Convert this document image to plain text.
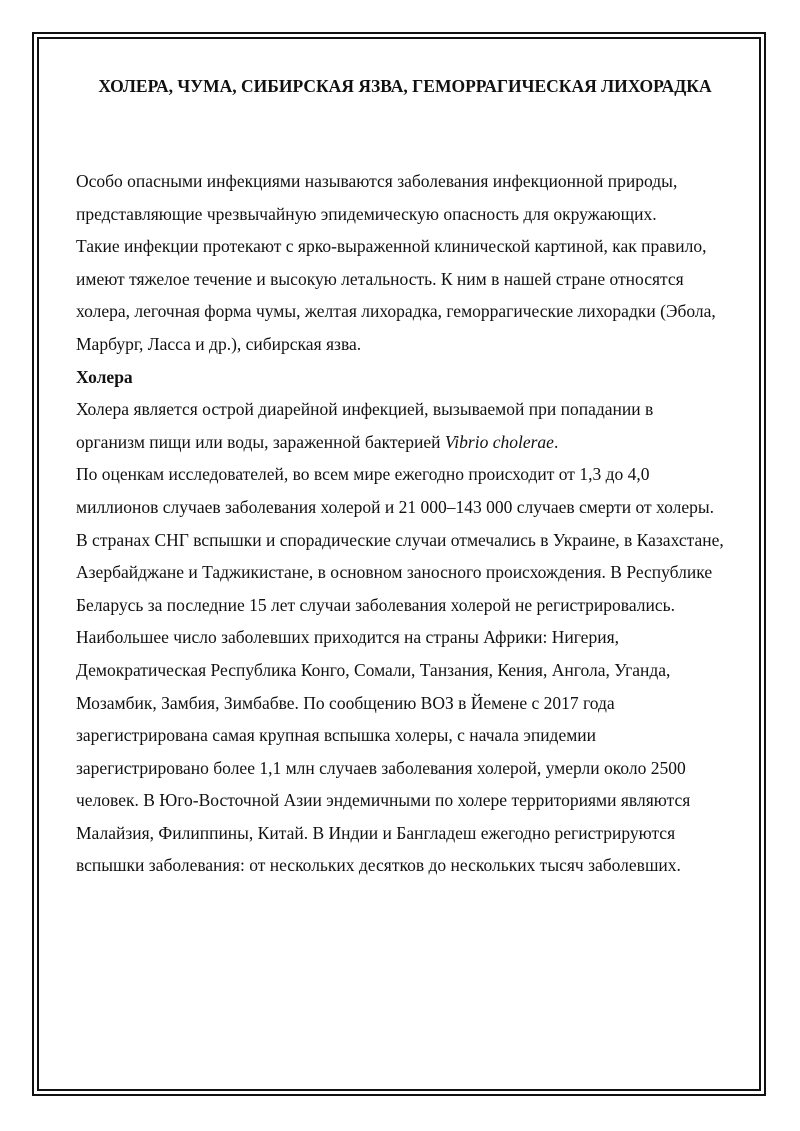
ХОЛЕРА, ЧУМА, СИБИРСКАЯ ЯЗВА, ГЕМОРРАГИЧЕСКАЯ ЛИХОРАДКА

Особо опасными инфекциями называются заболевания инфекционной природы, представляющие чрезвычайную эпидемическую опасность для окружающих.

Такие инфекции протекают с ярко-выраженной клинической картиной, как правило, имеют тяжелое течение и высокую летальность. К ним в нашей стране относятся холера, легочная форма чумы, желтая лихорадка, геморрагические лихорадки (Эбола, Марбург, Ласса и др.), сибирская язва.

Холера

Холера является острой диарейной инфекцией, вызываемой при попадании в организм пищи или воды, зараженной бактерией Vibrio cholerae.

По оценкам исследователей, во всем мире ежегодно происходит от 1,3 до 4,0 миллионов случаев заболевания холерой и 21 000–143 000 случаев смерти от холеры.

В странах СНГ вспышки и спорадические случаи отмечались в Украине, в Казахстане, Азербайджане и Таджикистане, в основном заносного происхождения. В Республике Беларусь за последние 15 лет случаи заболевания холерой не регистрировались.

Наибольшее число заболевших приходится на страны Африки: Нигерия, Демократическая Республика Конго, Сомали, Танзания, Кения, Ангола, Уганда, Мозамбик, Замбия, Зимбабве. По сообщению ВОЗ в Йемене с 2017 года зарегистрирована самая крупная вспышка холеры, с начала эпидемии зарегистрировано более 1,1 млн случаев заболевания холерой, умерли около 2500 человек. В Юго-Восточной Азии эндемичными по холере территориями являются Малайзия, Филиппины, Китай. В Индии и Бангладеш ежегодно регистрируются вспышки заболевания: от нескольких десятков до нескольких тысяч заболевших.
